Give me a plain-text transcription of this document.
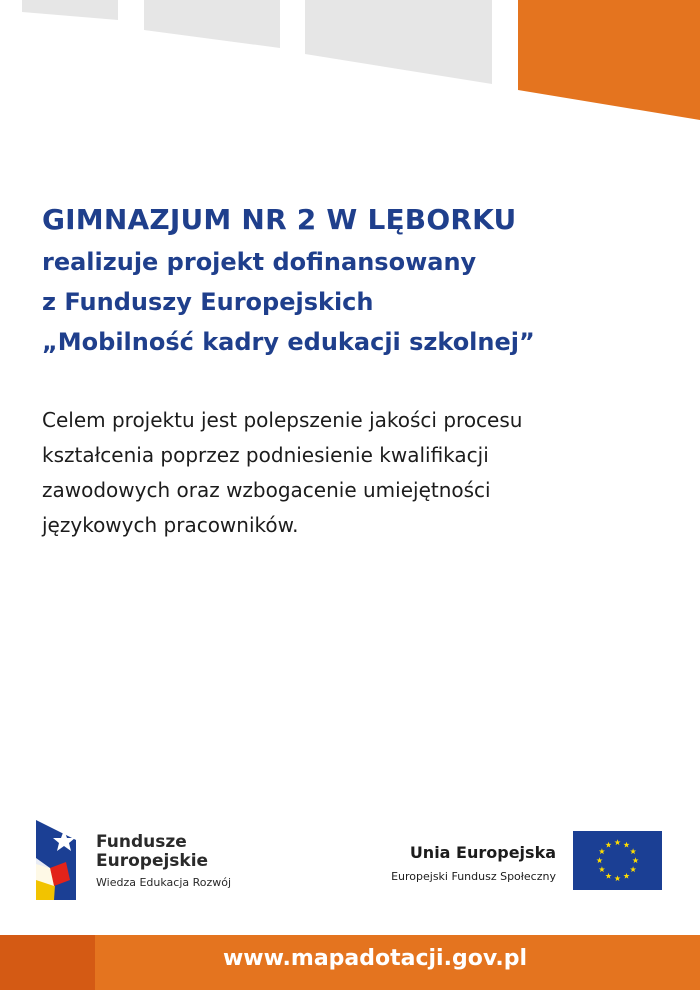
GIMNAZJUM NR 2 W LĘBORKU
realizuje projekt dofinansowany
z Funduszy Europejskich
„Mobilność kadry edukacji szkolnej”
Celem projektu jest polepszenie jakości procesu
kształcenia poprzez podniesienie kwalifikacji
zawodowych oraz wzbogacenie umiejętności
językowych pracowników.
Fundusze
Europejskie
Wiedza Edukacja Rozwój
Unia Europejska
Europejski Fundusz Społeczny
www.mapadotacji.gov.pl
